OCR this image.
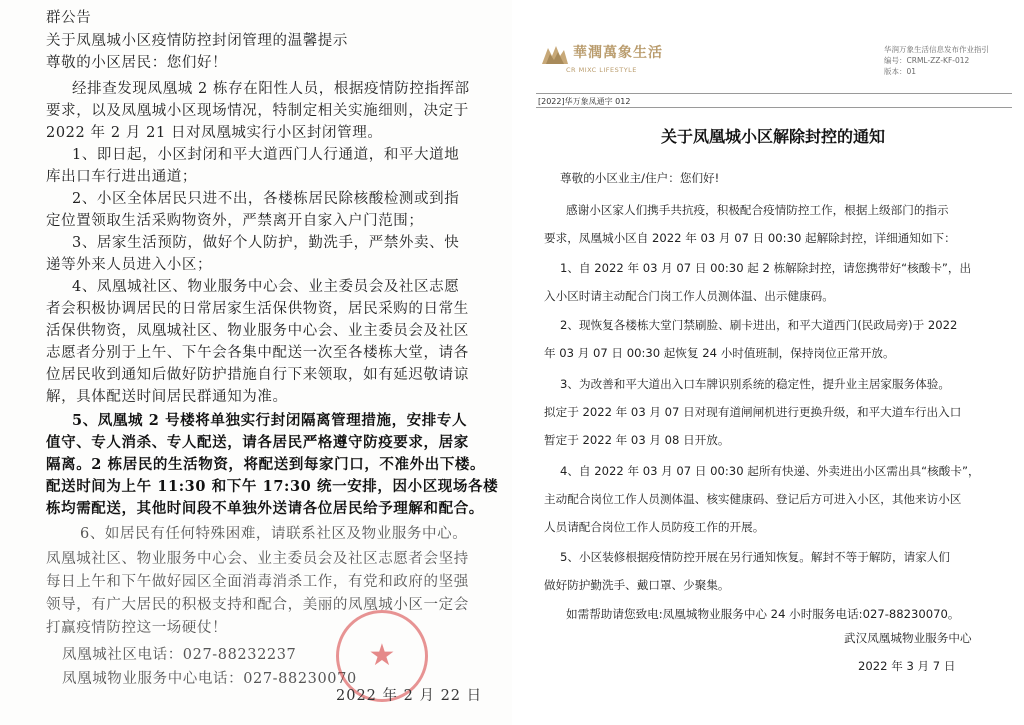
群公告
关于凤凰城小区疫情防控封闭管理的温馨提示
尊敬的小区居民：您们好！
经排查发现凤凰城 2 栋存在阳性人员，根据疫情防控指挥部
要求，以及凤凰城小区现场情况，特制定相关实施细则，决定于
2022 年 2 月 21 日对凤凰城实行小区封闭管理。
1、即日起，小区封闭和平大道西门人行通道，和平大道地
库出口车行进出通道；
2、小区全体居民只进不出，各楼栋居民除核酸检测或到指
定位置领取生活采购物资外，严禁离开自家入户门范围；
3、居家生活预防，做好个人防护，勤洗手，严禁外卖、快
递等外来人员进入小区；
4、凤凰城社区、物业服务中心会、业主委员会及社区志愿
者会积极协调居民的日常居家生活保供物资，居民采购的日常生
活保供物资，凤凰城社区、物业服务中心会、业主委员会及社区
志愿者分别于上午、下午会各集中配送一次至各楼栋大堂，请各
位居民收到通知后做好防护措施自行下来领取，如有延迟敬请谅
解，具体配送时间居民群通知为准。
5、凤凰城 2 号楼将单独实行封闭隔离管理措施，安排专人
值守、专人消杀、专人配送，请各居民严格遵守防疫要求，居家
隔离。2 栋居民的生活物资，将配送到每家门口，不准外出下楼。
配送时间为上午 11:30 和下午 17:30 统一安排，因小区现场各楼
栋均需配送，其他时间段不单独外送请各位居民给予理解和配合。
6、如居民有任何特殊困难，请联系社区及物业服务中心。
凤凰城社区、物业服务中心会、业主委员会及社区志愿者会坚持
每日上午和下午做好园区全面消毒消杀工作，有党和政府的坚强
领导，有广大居民的积极支持和配合，美丽的凤凰城小区一定会
打赢疫情防控这一场硬仗！
凤凰城社区电话：027-88232237
凤凰城物业服务中心电话：027-88230070
★
2022 年 2 月 22 日
華潤萬象生活
CR MIXC LIFESTYLE
华润万象生活信息发布作业指引
编号：CRML-ZZ-KF-012
版本：01
[2022]华万象凤通字 012
关于凤凰城小区解除封控的通知
尊敬的小区业主/住户：您们好!
感谢小区家人们携手共抗疫，积极配合疫情防控工作，根据上级部门的指示
要求，凤凰城小区自 2022 年 03 月 07 日 00:30 起解除封控，详细通知如下：
1、自 2022 年 03 月 07 日 00:30 起 2 栋解除封控，请您携带好“核酸卡”，出
入小区时请主动配合门岗工作人员测体温、出示健康码。
2、现恢复各楼栋大堂门禁刷脸、刷卡进出，和平大道西门(民政局旁)于 2022
年 03 月 07 日 00:30 起恢复 24 小时值班制，保持岗位正常开放。
3、为改善和平大道出入口车牌识别系统的稳定性，提升业主居家服务体验。
拟定于 2022 年 03 月 07 日对现有道闸闸机进行更换升级，和平大道车行出入口
暂定于 2022 年 03 月 08 日开放。
4、自 2022 年 03 月 07 日 00:30 起所有快递、外卖进出小区需出具“核酸卡”，
主动配合岗位工作人员测体温、核实健康码、登记后方可进入小区，其他来访小区
人员请配合岗位工作人员防疫工作的开展。
5、小区装修根据疫情防控开展在另行通知恢复。解封不等于解防，请家人们
做好防护勤洗手、戴口罩、少聚集。
如需帮助请您致电:凤凰城物业服务中心 24 小时服务电话:027-88230070。
武汉凤凰城物业服务中心
2022 年 3 月 7 日
